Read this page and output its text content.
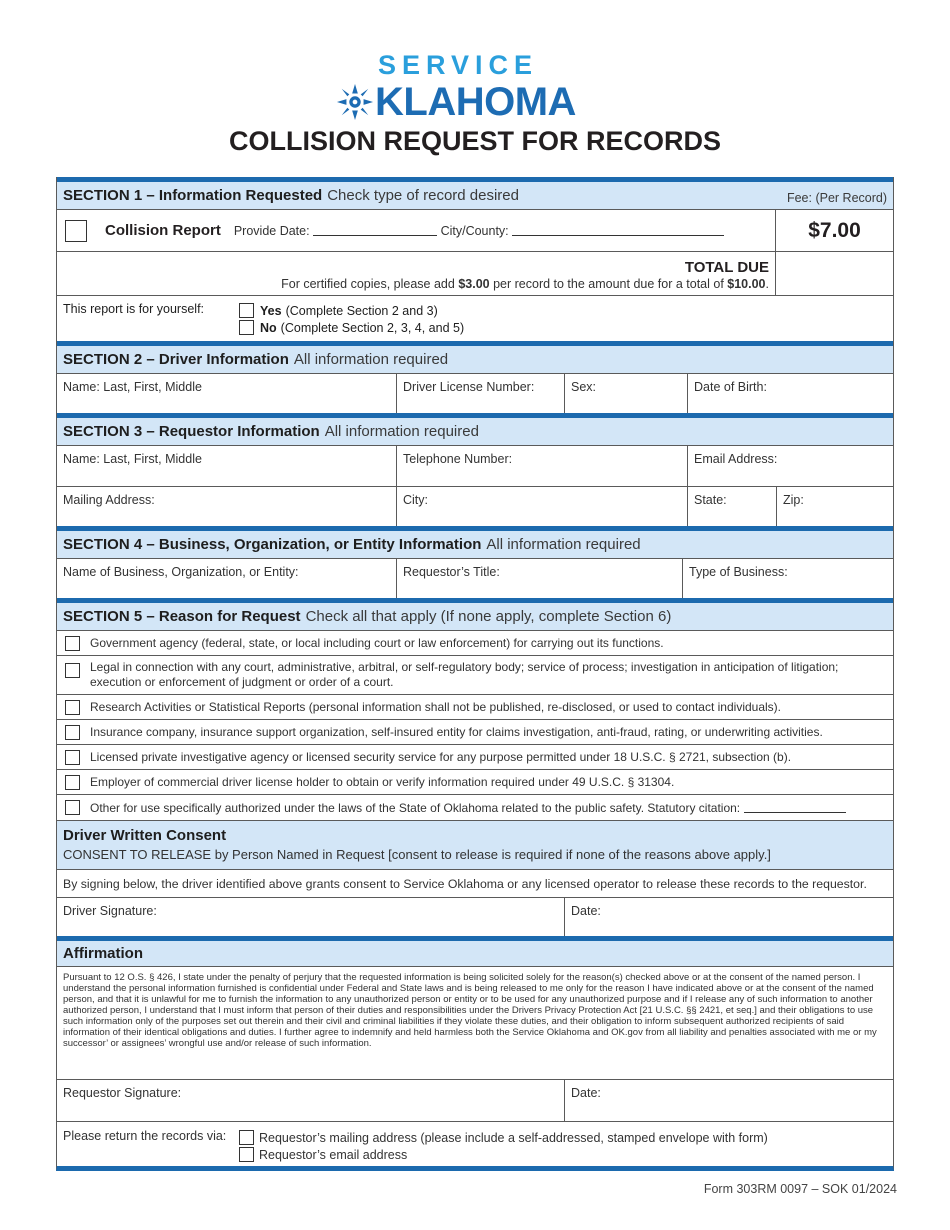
SERVICE
KLAHOMA
COLLISION REQUEST FOR RECORDS
SECTION 1 – Information Requested Check type of record desired	Fee: (Per Record)
Collision Report Provide Date:	City/County:	$7.00
TOTAL DUE
For certified copies, please add $3.00 per record to the amount due for a total of $10.00.
This report is for yourself:	Yes (Complete Section 2 and 3)
No (Complete Section 2, 3, 4, and 5)
SECTION 2 – Driver Information All information required
Name: Last, First, Middle	Driver License Number:	Sex:	Date of Birth:
SECTION 3 – Requestor Information All information required
Name: Last, First, Middle	Telephone Number:	Email Address:
Mailing Address:	City:	State:	Zip:
SECTION 4 – Business, Organization, or Entity Information All information required
Name of Business, Organization, or Entity:	Requestor’s Title:	Type of Business:
SECTION 5 – Reason for Request Check all that apply (If none apply, complete Section 6)
Government agency (federal, state, or local including court or law enforcement) for carrying out its functions.
Legal in connection with any court, administrative, arbitral, or self-regulatory body; service of process; investigation in anticipation of litigation; execution or enforcement of judgment or order of a court.
Research Activities or Statistical Reports (personal information shall not be published, re-disclosed, or used to contact individuals).
Insurance company, insurance support organization, self-insured entity for claims investigation, anti-fraud, rating, or underwriting activities.
Licensed private investigative agency or licensed security service for any purpose permitted under 18 U.S.C. § 2721, subsection (b).
Employer of commercial driver license holder to obtain or verify information required under 49 U.S.C. § 31304.
Other for use specifically authorized under the laws of the State of Oklahoma related to the public safety. Statutory citation:
Driver Written Consent
CONSENT TO RELEASE by Person Named in Request [consent to release is required if none of the reasons above apply.]
By signing below, the driver identified above grants consent to Service Oklahoma or any licensed operator to release these records to the requestor.
Driver Signature:	Date:
Affirmation
Pursuant to 12 O.S. § 426, I state under the penalty of perjury that the requested information is being solicited solely for the reason(s) checked above or at the consent of the named person. I understand the personal information furnished is confidential under Federal and State laws and is being released to me only for the reason I have indicated above or at the consent of the named person, and that it is unlawful for me to furnish the information to any unauthorized person or entity or to be used for any unauthorized purpose and if I release any of such information to another authorized person, I understand that I must inform that person of their duties and responsibilities under the Drivers Privacy Protection Act [21 U.S.C. §§ 2421, et seq.] and their obligations to use such information only of the purposes set out therein and their civil and criminal liabilities if they violate these duties, and their obligation to inform subsequent authorized recipients of said information of their identical obligations and duties. I further agree to indemnify and held harmless both the Service Oklahoma and OK.gov from all liability and penalties associated with me or my successor’ or assignees’ wrongful use and/or release of such information.
Requestor Signature:	Date:
Please return the records via:	Requestor’s mailing address (please include a self-addressed, stamped envelope with form)
Requestor’s email address
Form 303RM 0097 – SOK 01/2024
